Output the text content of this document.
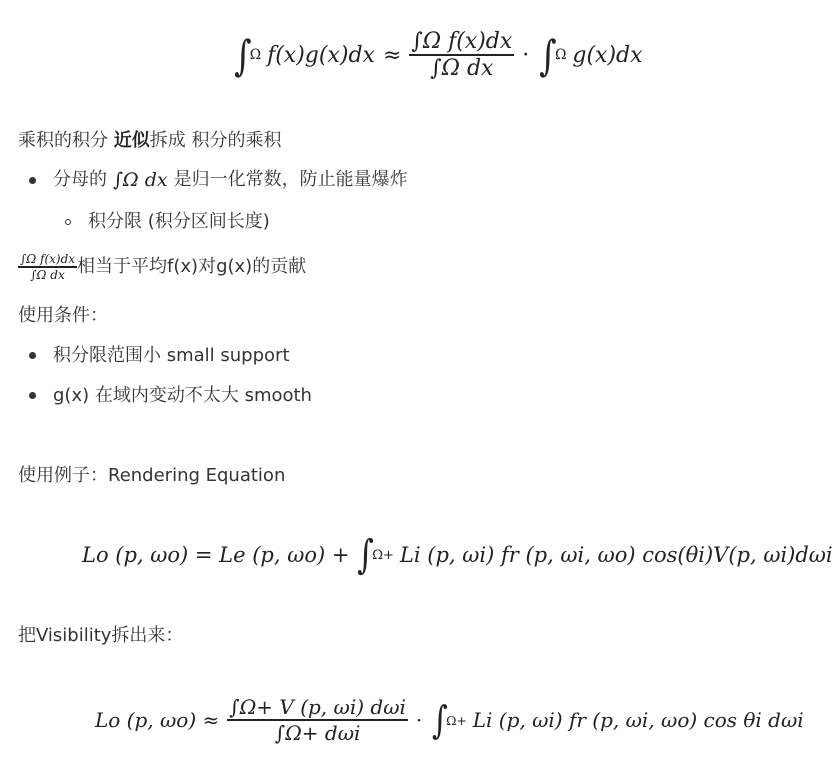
∫
Ω $f(x)g(x)dx \approx \frac{\text{∫Ω f(x)dx}}{\text{∫Ω dx}}$ · ∫
Ω g(x)dx
乘积的积分 近似拆成 积分的乘积
分母的 ∫Ω dx 是归一化常数，防止能量爆炸
积分限 (积分区间长度)
$\frac{\text{∫Ω f(x)dx}}{\text{∫Ω dx}}$ 相当于平均f(x)对g(x)的贡献
使用条件：
积分限范围小 small support
g(x) 在域内变动不太大 smooth
使用例子：Rendering Equation
Lo (p, ωo) = Le (p, ωo) + ∫
Ω+ Li (p, ωi) fr (p, ωi, ωo) cos(θi)V(p, ωi)dωi
把Visibility拆出来：
Lo (p, $\omega o) \approx \frac{\text{∫Ω+ V (p, ωi) dωi}}{\text{∫Ω+ dωi}}$ · ∫
Ω+ Li (p, ωi) fr (p, ωi, ωo) cos θi dωi
